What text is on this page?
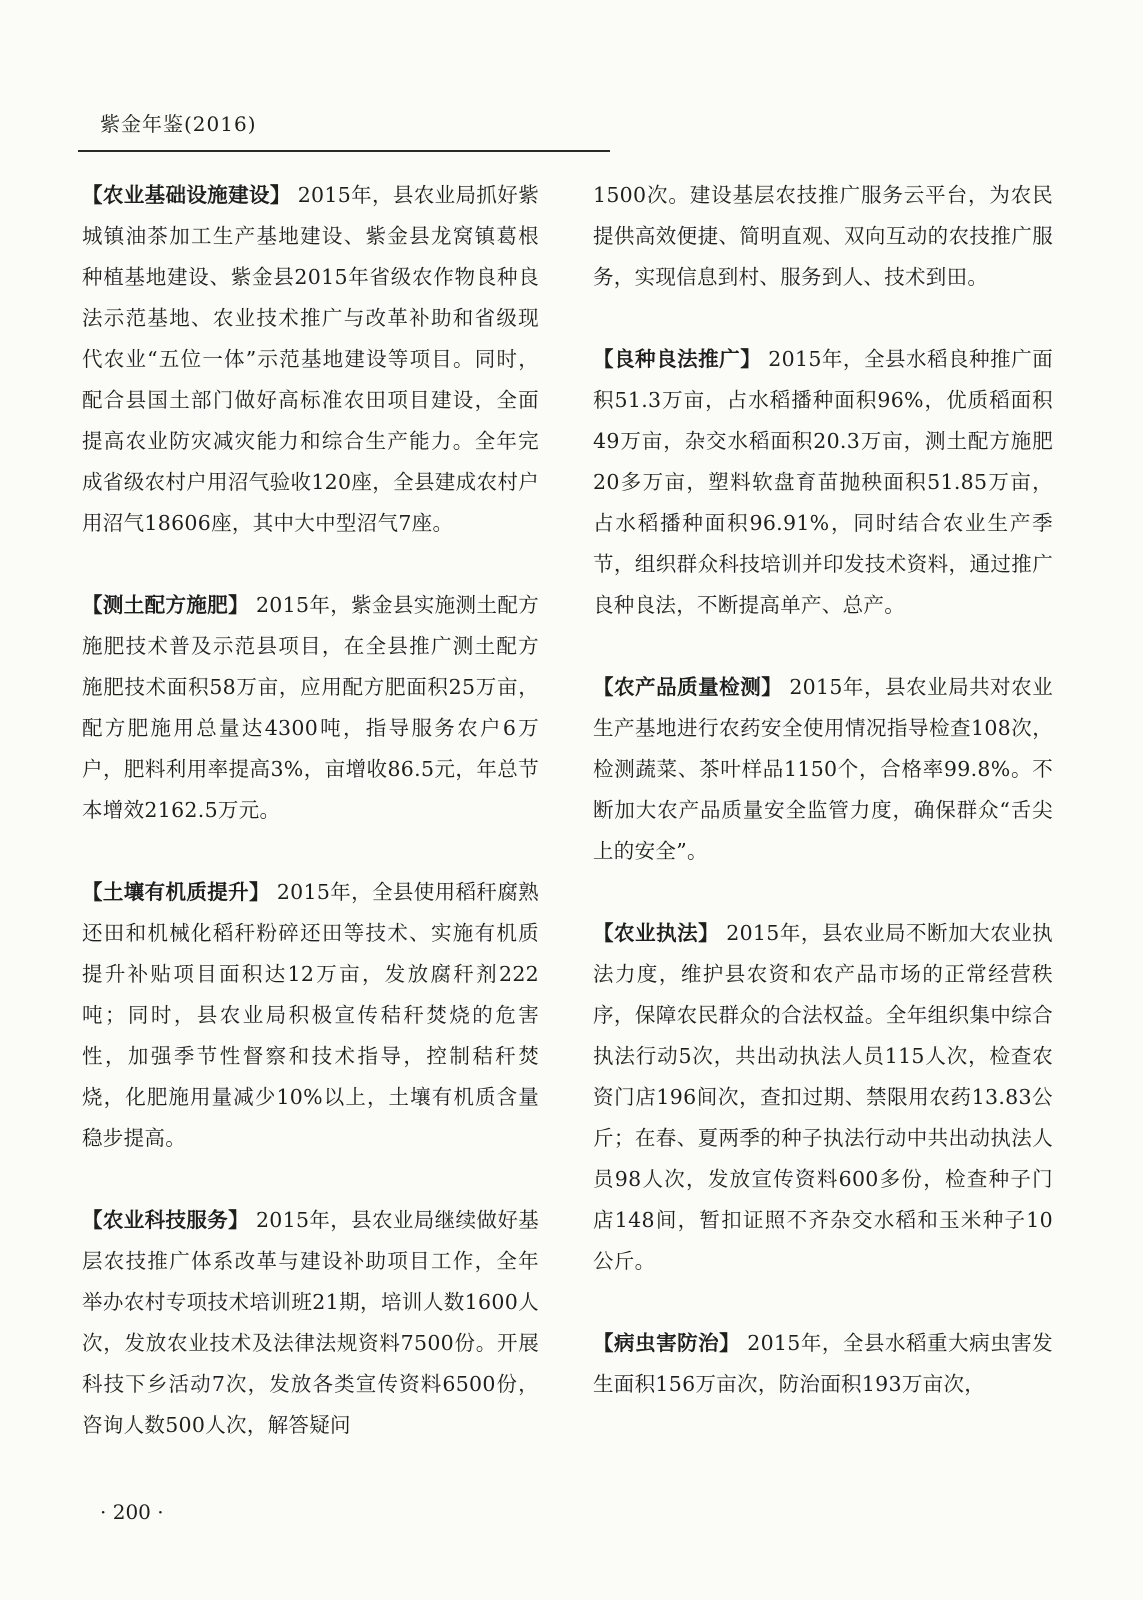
紫金年鉴(2016)

【农业基础设施建设】 2015年，县农业局抓好紫城镇油茶加工生产基地建设、紫金县龙窝镇葛根种植基地建设、紫金县2015年省级农作物良种良法示范基地、农业技术推广与改革补助和省级现代农业“五位一体”示范基地建设等项目。同时，配合县国土部门做好高标准农田项目建设，全面提高农业防灾减灾能力和综合生产能力。全年完成省级农村户用沼气验收120座，全县建成农村户用沼气18606座，其中大中型沼气7座。

【测土配方施肥】 2015年，紫金县实施测土配方施肥技术普及示范县项目，在全县推广测土配方施肥技术面积58万亩，应用配方肥面积25万亩，配方肥施用总量达4300吨，指导服务农户6万户，肥料利用率提高3%，亩增收86.5元，年总节本增效2162.5万元。

【土壤有机质提升】 2015年，全县使用稻秆腐熟还田和机械化稻秆粉碎还田等技术、实施有机质提升补贴项目面积达12万亩，发放腐秆剂222吨；同时，县农业局积极宣传秸秆焚烧的危害性，加强季节性督察和技术指导，控制秸秆焚烧，化肥施用量减少10%以上，土壤有机质含量稳步提高。

【农业科技服务】 2015年，县农业局继续做好基层农技推广体系改革与建设补助项目工作，全年举办农村专项技术培训班21期，培训人数1600人次，发放农业技术及法律法规资料7500份。开展科技下乡活动7次，发放各类宣传资料6500份，咨询人数500人次，解答疑问

1500次。建设基层农技推广服务云平台，为农民提供高效便捷、简明直观、双向互动的农技推广服务，实现信息到村、服务到人、技术到田。

【良种良法推广】 2015年，全县水稻良种推广面积51.3万亩，占水稻播种面积96%，优质稻面积49万亩，杂交水稻面积20.3万亩，测土配方施肥20多万亩，塑料软盘育苗抛秧面积51.85万亩，占水稻播种面积96.91%，同时结合农业生产季节，组织群众科技培训并印发技术资料，通过推广良种良法，不断提高单产、总产。

【农产品质量检测】 2015年，县农业局共对农业生产基地进行农药安全使用情况指导检查108次，检测蔬菜、茶叶样品1150个，合格率99.8%。不断加大农产品质量安全监管力度，确保群众“舌尖上的安全”。

【农业执法】 2015年，县农业局不断加大农业执法力度，维护县农资和农产品市场的正常经营秩序，保障农民群众的合法权益。全年组织集中综合执法行动5次，共出动执法人员115人次，检查农资门店196间次，查扣过期、禁限用农药13.83公斤；在春、夏两季的种子执法行动中共出动执法人员98人次，发放宣传资料600多份，检查种子门店148间，暂扣证照不齐杂交水稻和玉米种子10公斤。

【病虫害防治】 2015年，全县水稻重大病虫害发生面积156万亩次，防治面积193万亩次，

· 200 ·
